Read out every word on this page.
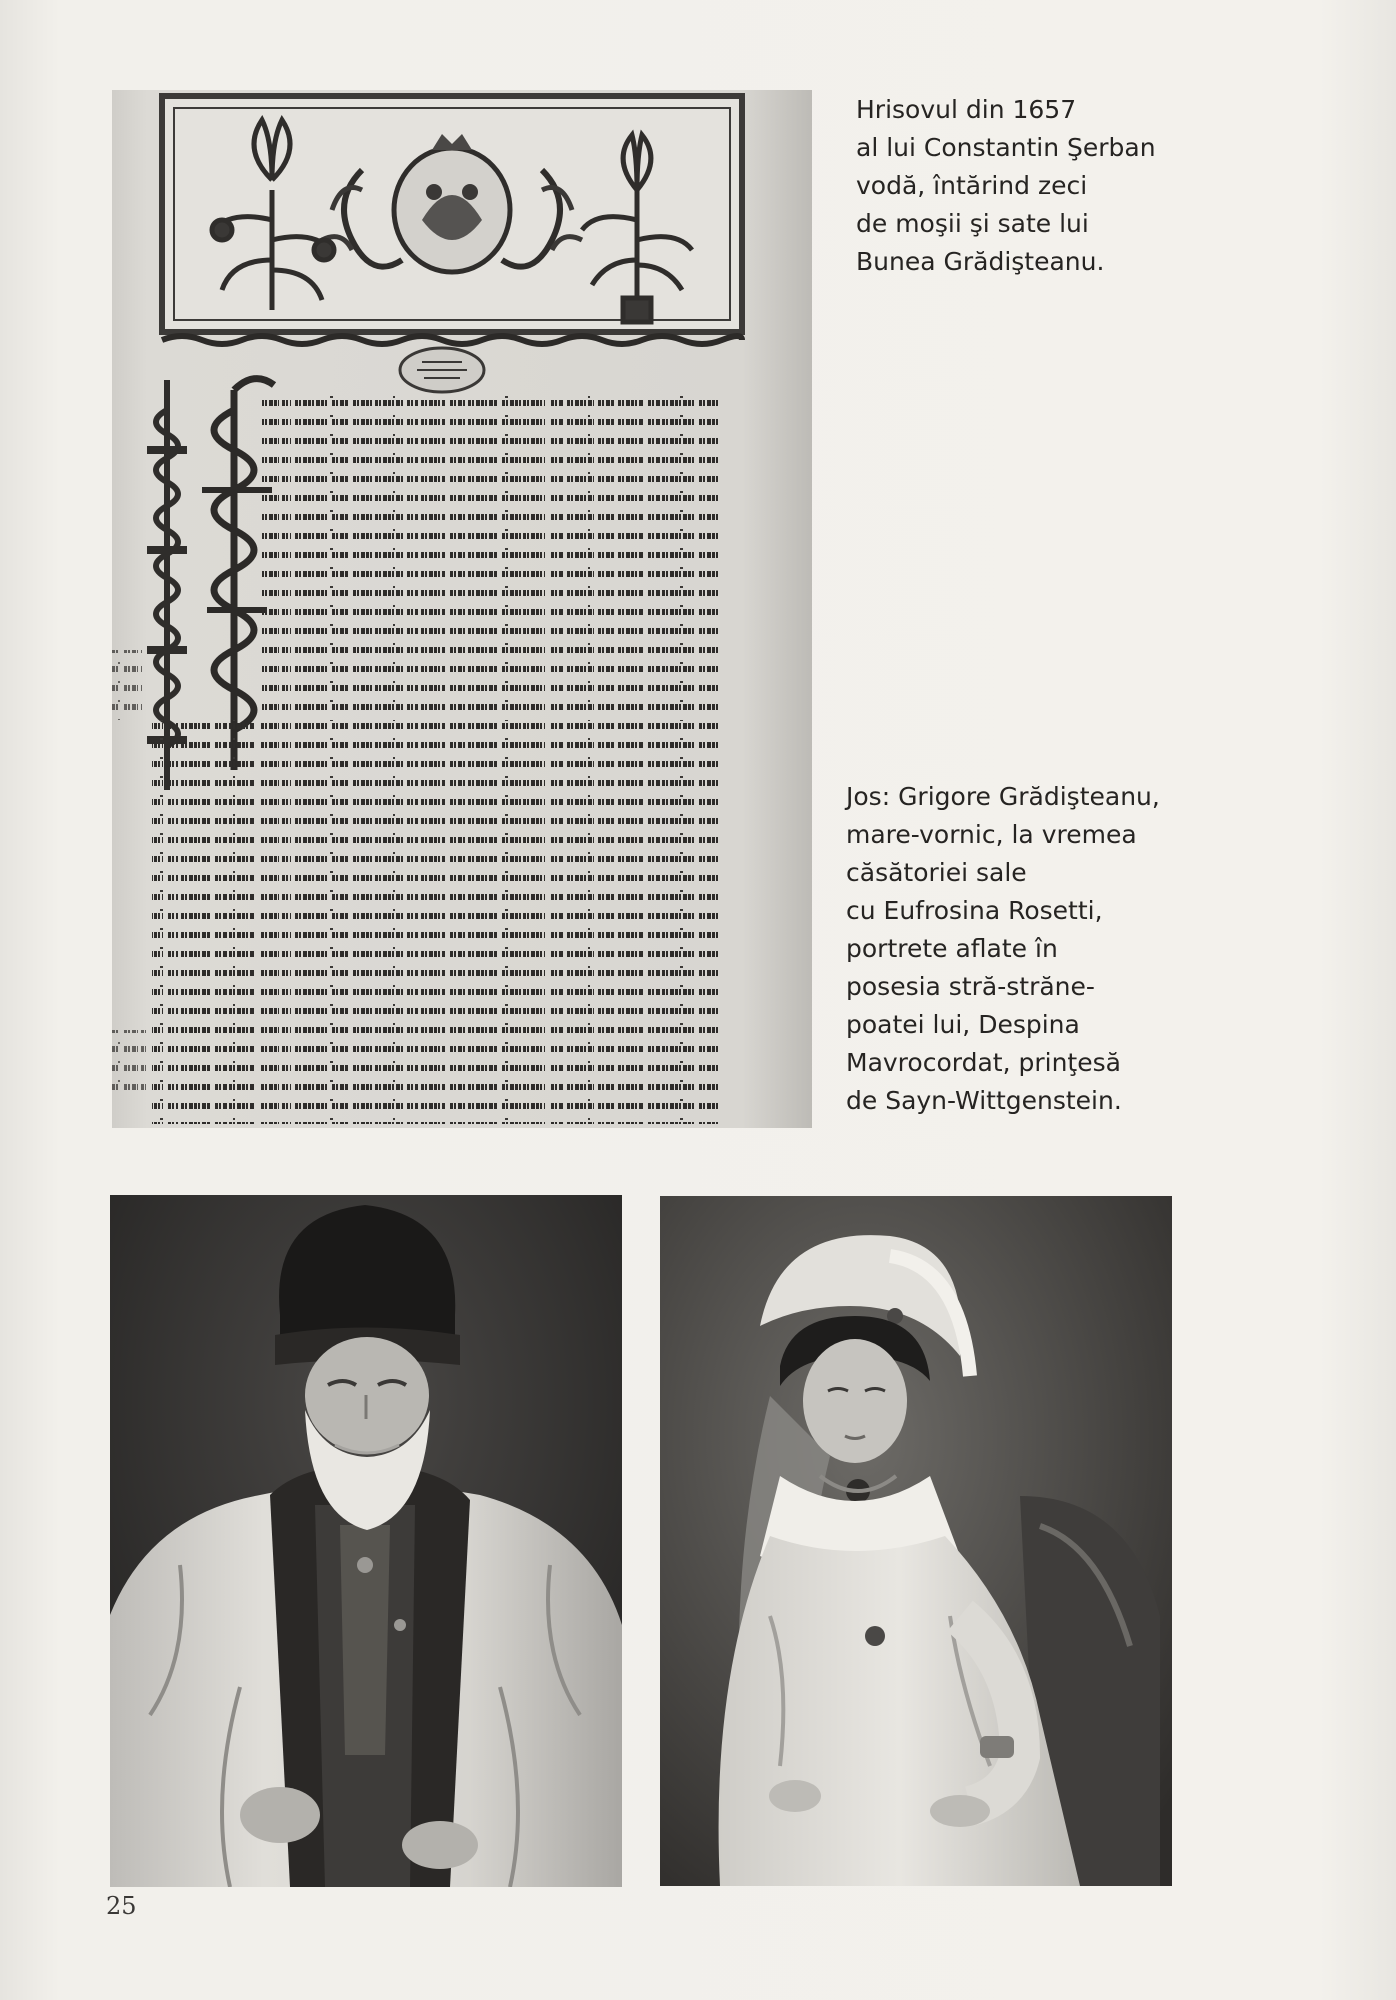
Hrisovul din 1657
al lui Constantin Şerban
vodă, întărind zeci
de moşii şi sate lui
Bunea Grădişteanu.
Jos: Grigore Grădişteanu,
mare-vornic, la vremea
căsătoriei sale
cu Eufrosina Rosetti,
portrete aflate în
posesia stră-străne-
poatei lui, Despina
Mavrocordat, prinţesă
de Sayn-Wittgenstein.
25
